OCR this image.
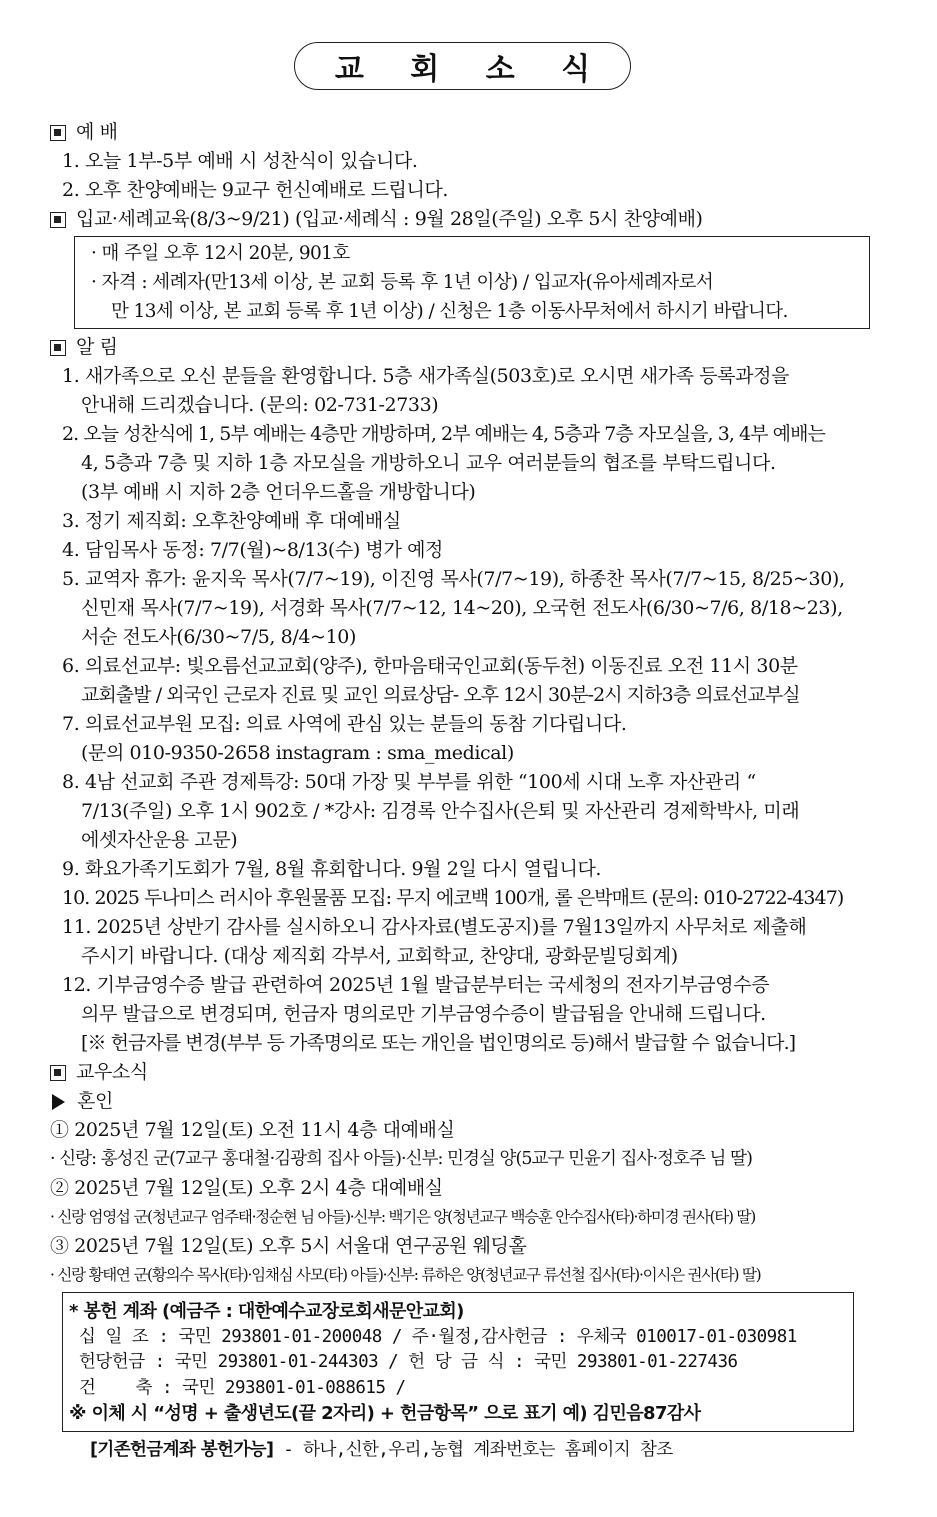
교 회 소 식
예 배
1. 오늘 1부-5부 예배 시 성찬식이 있습니다.
2. 오후 찬양예배는 9교구 헌신예배로 드립니다.
입교·세례교육(8/3~9/21) (입교·세례식 : 9월 28일(주일) 오후 5시 찬양예배)
· 매 주일 오후 12시 20분, 901호
· 자격 : 세례자(만13세 이상, 본 교회 등록 후 1년 이상) / 입교자(유아세례자로서
만 13세 이상, 본 교회 등록 후 1년 이상) / 신청은 1층 이동사무처에서 하시기 바랍니다.
알 림
1. 새가족으로 오신 분들을 환영합니다. 5층 새가족실(503호)로 오시면 새가족 등록과정을
안내해 드리겠습니다. (문의: 02-731-2733)
2. 오늘 성찬식에 1, 5부 예배는 4층만 개방하며, 2부 예배는 4, 5층과 7층 자모실을, 3, 4부 예배는
4, 5층과 7층 및 지하 1층 자모실을 개방하오니 교우 여러분들의 협조를 부탁드립니다.
(3부 예배 시 지하 2층 언더우드홀을 개방합니다)
3. 정기 제직회: 오후찬양예배 후 대예배실
4. 담임목사 동정: 7/7(월)~8/13(수) 병가 예정
5. 교역자 휴가: 윤지욱 목사(7/7~19), 이진영 목사(7/7~19), 하종찬 목사(7/7~15, 8/25~30),
신민재 목사(7/7~19), 서경화 목사(7/7~12, 14~20), 오국헌 전도사(6/30~7/6, 8/18~23),
서순 전도사(6/30~7/5, 8/4~10)
6. 의료선교부: 빛오름선교교회(양주), 한마음태국인교회(동두천) 이동진료 오전 11시 30분
교회출발 / 외국인 근로자 진료 및 교인 의료상담- 오후 12시 30분-2시 지하3층 의료선교부실
7. 의료선교부원 모집: 의료 사역에 관심 있는 분들의 동참 기다립니다.
(문의 010-9350-2658 instagram : sma_medical)
8. 4남 선교회 주관 경제특강: 50대 가장 및 부부를 위한 “100세 시대 노후 자산관리 “
7/13(주일) 오후 1시 902호 / *강사: 김경록 안수집사(은퇴 및 자산관리 경제학박사, 미래
에셋자산운용 고문)
9. 화요가족기도회가 7월, 8월 휴회합니다. 9월 2일 다시 열립니다.
10. 2025 두나미스 러시아 후원물품 모집: 무지 에코백 100개, 롤 은박매트 (문의: 010-2722-4347)
11. 2025년 상반기 감사를 실시하오니 감사자료(별도공지)를 7월13일까지 사무처로 제출해
주시기 바랍니다. (대상 제직회 각부서, 교회학교, 찬양대, 광화문빌딩회계)
12. 기부금영수증 발급 관련하여 2025년 1월 발급분부터는 국세청의 전자기부금영수증
의무 발급으로 변경되며, 헌금자 명의로만 기부금영수증이 발급됨을 안내해 드립니다.
[※ 헌금자를 변경(부부 등 가족명의로 또는 개인을 법인명의로 등)해서 발급할 수 없습니다.]
교우소식
혼인
① 2025년 7월 12일(토) 오전 11시 4층 대예배실
· 신랑: 홍성진 군(7교구 홍대철·김광희 집사 아들)·신부: 민경실 양(5교구 민윤기 집사·정호주 님 딸)
② 2025년 7월 12일(토) 오후 2시 4층 대예배실
· 신랑 엄영섭 군(청년교구 엄주태·정순현 님 아들)·신부: 백기은 양(청년교구 백승훈 안수집사(타)·하미경 권사(타) 딸)
③ 2025년 7월 12일(토) 오후 5시 서울대 연구공원 웨딩홀
· 신랑 황태연 군(황의수 목사(타)·임채심 사모(타) 아들)·신부: 류하은 양(청년교구 류선철 집사(타)·이시은 권사(타) 딸)
* 봉헌 계좌 (예금주 : 대한예수교장로회새문안교회)
십 일 조 : 국민 293801-01-200048 / 주·월정,감사헌금 : 우체국 010017-01-030981
헌당헌금 : 국민 293801-01-244303 / 헌 당 금 식 : 국민 293801-01-227436
건    축 : 국민 293801-01-088615 /
※ 이체 시 “성명 + 출생년도(끝 2자리) + 헌금항목” 으로 표기 예) 김민음87감사
[기존헌금계좌 봉헌가능] - 하나,신한,우리,농협 계좌번호는 홈페이지 참조
